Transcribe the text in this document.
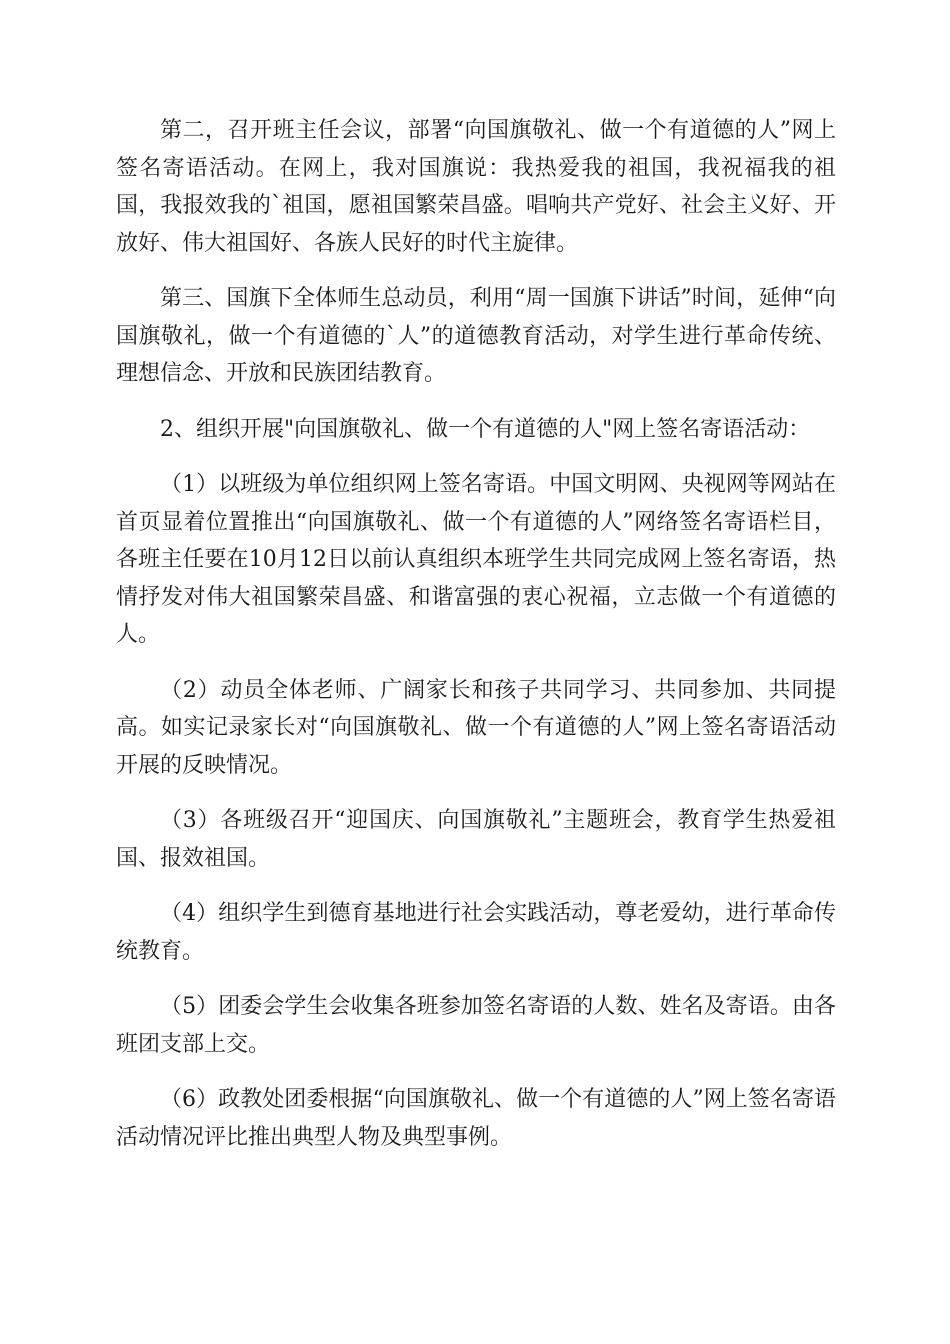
第二，召开班主任会议，部署“向国旗敬礼、做一个有道德的人”网上签名寄语活动。在网上，我对国旗说：我热爱我的祖国，我祝福我的祖国，我报效我的`祖国，愿祖国繁荣昌盛。唱响共产党好、社会主义好、开放好、伟大祖国好、各族人民好的时代主旋律。

第三、国旗下全体师生总动员，利用“周一国旗下讲话”时间，延伸“向国旗敬礼，做一个有道德的`人”的道德教育活动，对学生进行革命传统、理想信念、开放和民族团结教育。

2、组织开展"向国旗敬礼、做一个有道德的人"网上签名寄语活动：

（1）以班级为单位组织网上签名寄语。中国文明网、央视网等网站在首页显着位置推出“向国旗敬礼、做一个有道德的人”网络签名寄语栏目，各班主任要在10月12日以前认真组织本班学生共同完成网上签名寄语，热情抒发对伟大祖国繁荣昌盛、和谐富强的衷心祝福，立志做一个有道德的人。

（2）动员全体老师、广阔家长和孩子共同学习、共同参加、共同提高。如实记录家长对“向国旗敬礼、做一个有道德的人”网上签名寄语活动开展的反映情况。

（3）各班级召开“迎国庆、向国旗敬礼”主题班会，教育学生热爱祖国、报效祖国。

（4）组织学生到德育基地进行社会实践活动，尊老爱幼，进行革命传统教育。

（5）团委会学生会收集各班参加签名寄语的人数、姓名及寄语。由各班团支部上交。

（6）政教处团委根据“向国旗敬礼、做一个有道德的人”网上签名寄语活动情况评比推出典型人物及典型事例。
